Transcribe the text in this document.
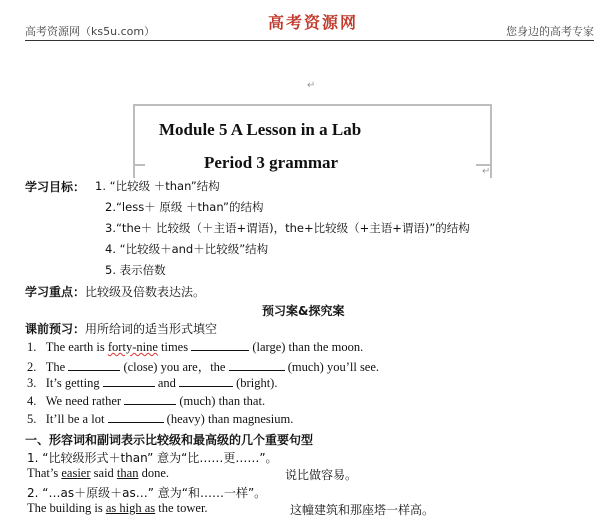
高考资源网（ks5u.com）	高考资源网	您身边的高考专家
↵
Module 5 A Lesson in a Lab
Period 3 grammar	↵
学习目标： 1. “比较级 ＋than”结构
2.“less＋ 原级 ＋than”的结构
3.“the＋ 比较级（＋主语+谓语)，the+比较级（+主语+谓语)”的结构
4. “比较级＋and＋比较级”结构
5. 表示倍数
学习重点：比较级及倍数表达法。
预习案&探究案
课前预习：用所给词的适当形式填空
1. The earth is forty-nine times	(large) than the moon.
2. The	(close) you are，the	(much) you’ll see.
3. It’s getting	and	(bright).
4. We need rather	(much) than that.
5. It’ll be a lot	(heavy) than magnesium.
一、形容词和副词表示比较级和最高级的几个重要句型
1. “比较级形式＋than” 意为“比……更……”。
That’s easier said than done.	说比做容易。
2. “…as＋原级＋as…” 意为“和……一样”。
The building is as high as the tower.	这幢建筑和那座塔一样高。
